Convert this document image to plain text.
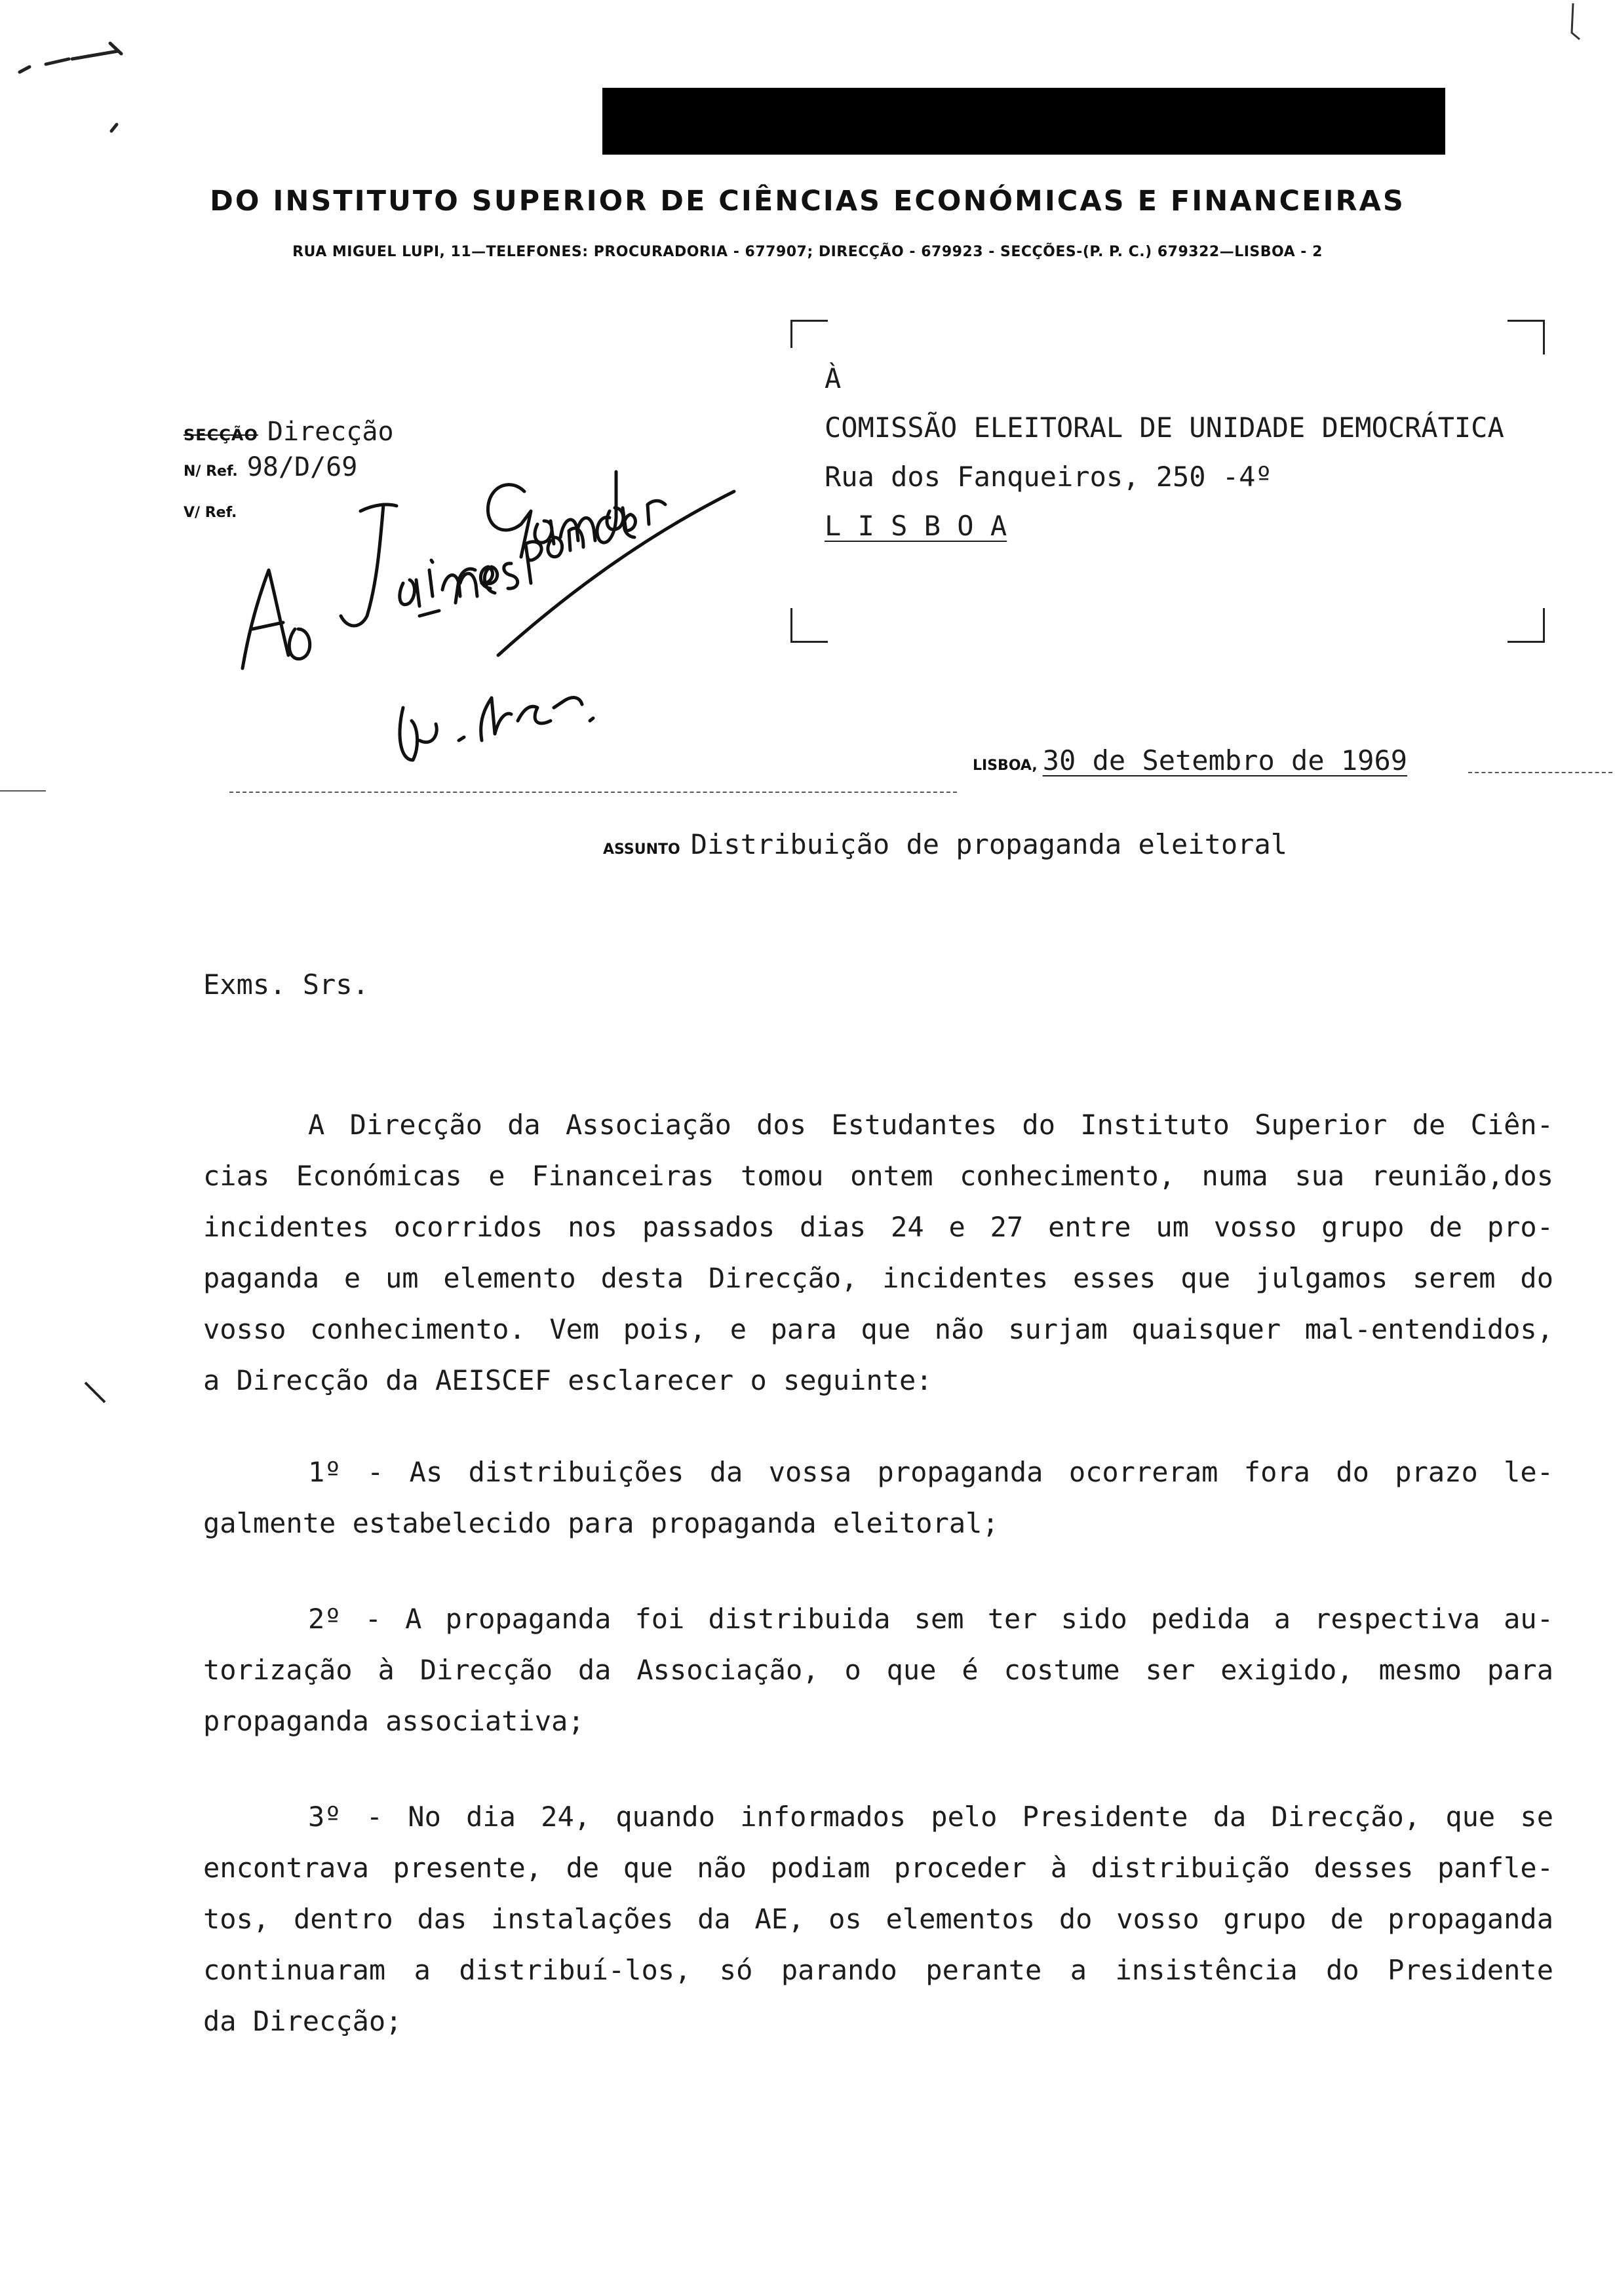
DO INSTITUTO SUPERIOR DE CIÊNCIAS ECONÓMICAS E FINANCEIRAS
RUA MIGUEL LUPI, 11—TELEFONES: PROCURADORIA - 677907; DIRECÇÃO - 679923 - SECÇÕES-(P. P. C.) 679322—LISBOA - 2
SECÇÃO Direcção
N/ Ref. 98/D/69
V/ Ref.
À
COMISSÃO ELEITORAL DE UNIDADE DEMOCRÁTICA
Rua dos Fanqueiros, 250 -4º
L I S B O A
LISBOA, 30 de Setembro de 1969
ASSUNTO Distribuição de propaganda eleitoral
Exms. Srs.
A Direcção da Associação dos Estudantes do Instituto Superior de Ciên-
cias Económicas e Financeiras tomou ontem conhecimento, numa sua reunião,dos
incidentes ocorridos nos passados dias 24 e 27 entre um vosso grupo de pro-
paganda e um elemento desta Direcção, incidentes esses que julgamos serem do
vosso conhecimento. Vem pois, e para que não surjam quaisquer mal-entendidos,
a Direcção da AEISCEF esclarecer o seguinte:
1º - As distribuições da vossa propaganda ocorreram fora do prazo le-
galmente estabelecido para propaganda eleitoral;
2º - A propaganda foi distribuida sem ter sido pedida a respectiva au-
torização à Direcção da Associação, o que é costume ser exigido, mesmo para
propaganda associativa;
3º - No dia 24, quando informados pelo Presidente da Direcção, que se
encontrava presente, de que não podiam proceder à distribuição desses panfle-
tos, dentro das instalações da AE, os elementos do vosso grupo de propaganda
continuaram a distribuí-los, só parando perante a insistência do Presidente
da Direcção;
